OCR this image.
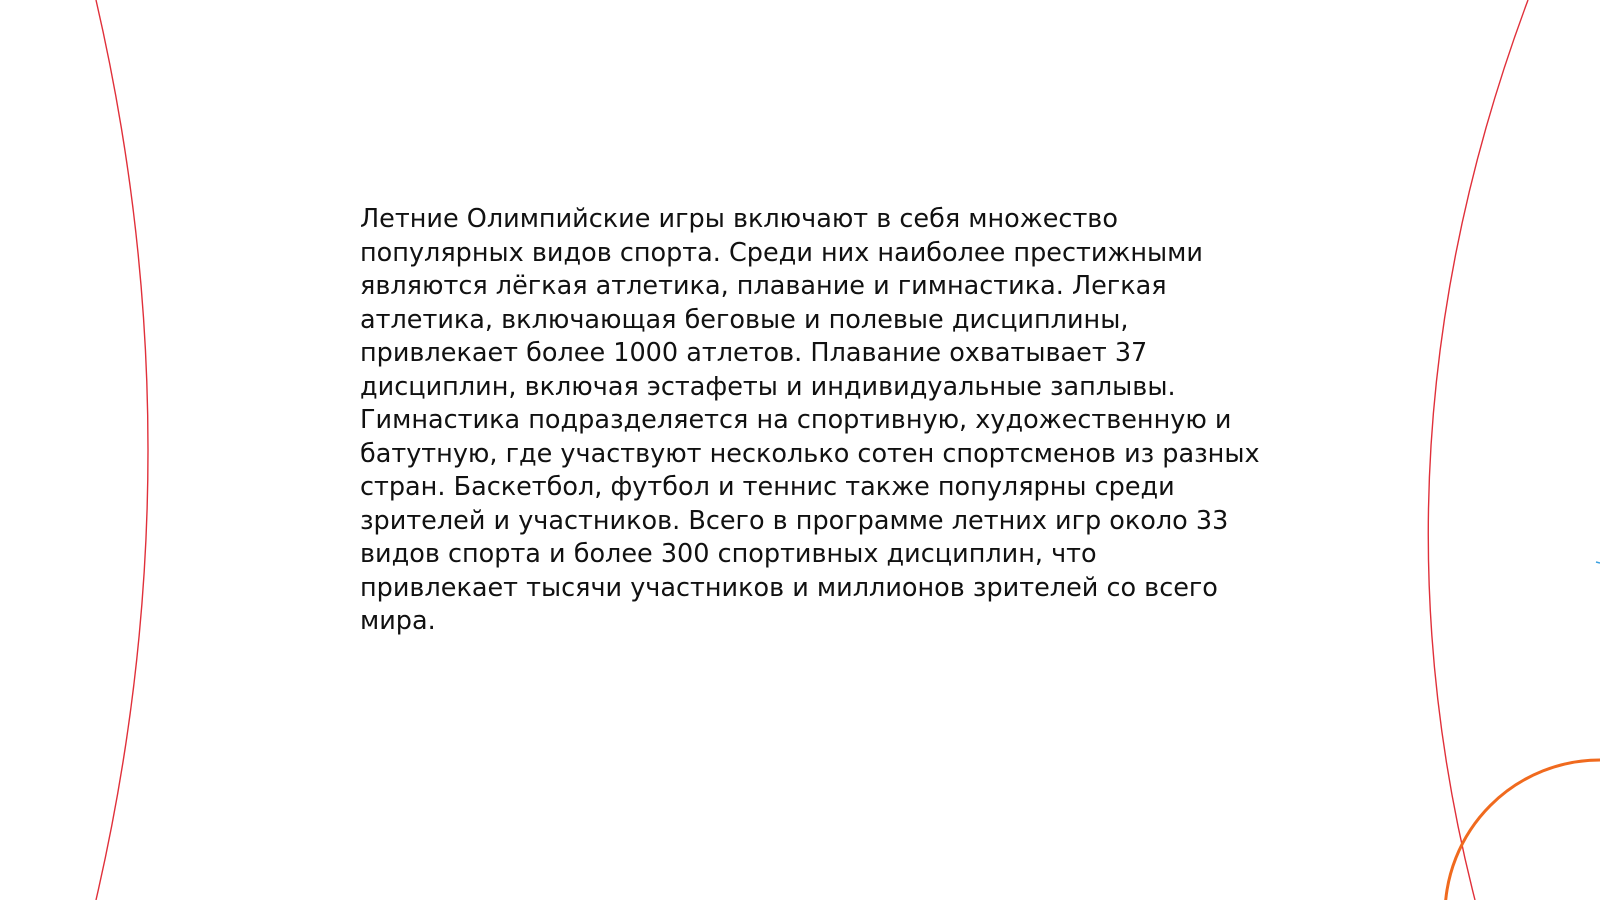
Летние Олимпийские игры включают в себя множество популярных видов спорта. Среди них наиболее престижными являются лёгкая атлетика, плавание и гимнастика. Легкая атлетика, включающая беговые и полевые дисциплины, привлекает более 1000 атлетов. Плавание охватывает 37 дисциплин, включая эстафеты и индивидуальные заплывы. Гимнастика подразделяется на спортивную, художественную и батутную, где участвуют несколько сотен спортсменов из разных стран. Баскетбол, футбол и теннис также популярны среди зрителей и участников. Всего в программе летних игр около 33 видов спорта и более 300 спортивных дисциплин, что привлекает тысячи участников и миллионов зрителей со всего мира.
